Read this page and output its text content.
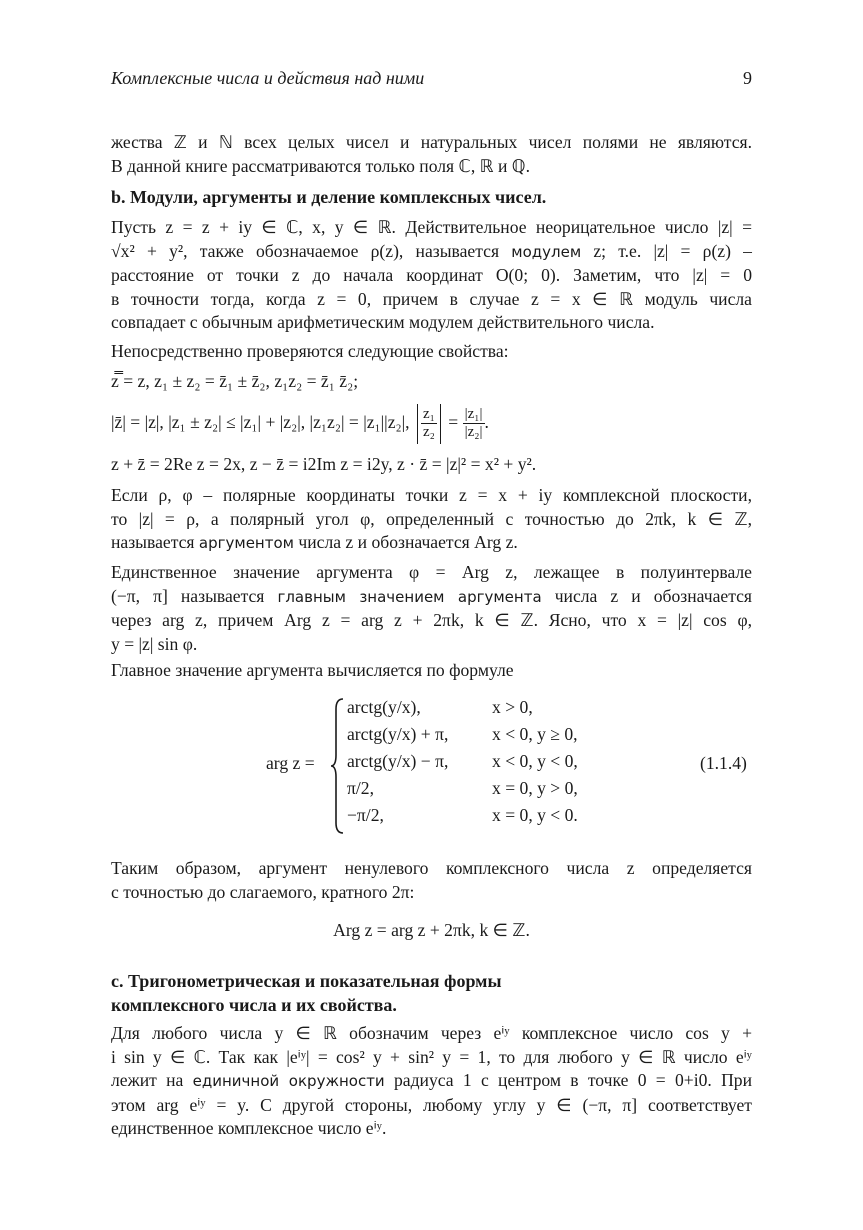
Комплексные числа и действия над ними	9
жества ℤ и ℕ всех целых чисел и натуральных чисел полями не являются.
В данной книге рассматриваются только поля ℂ, ℝ и ℚ.
b. Модули, аргументы и деление комплексных чисел.
Пусть z = z + iy ∈ ℂ, x, y ∈ ℝ. Действительное неорицательное число |z| =
√x² + y², также обозначаемое ρ(z), называется модулем z; т.е. |z| = ρ(z) –
расстояние от точки z до начала координат O(0; 0). Заметим, что |z| = 0
в точности тогда, когда z = 0, причем в случае z = x ∈ ℝ модуль числа
совпадает с обычным арифметическим модулем действительного числа.
Непосредственно проверяются следующие свойства:
z̿ = z, z₁ ± z₂ = z̄₁ ± z̄₂, z₁z₂ = z̄₁ z̄₂;
|z̄| = |z|, |z₁ ± z₂| ≤ |z₁| + |z₂|, |z₁z₂| = |z₁||z₂|, $\frac{\text{z₁}}{\text{z₂}} = \frac{\text{|z₁|}}{\text{|z₂|}}$ .
z + z̄ = 2Re z = 2x, z − z̄ = i2Im z = i2y, z · z̄ = |z|² = x² + y².
Если ρ, φ – полярные координаты точки z = x + iy комплексной плоскости,
то |z| = ρ, а полярный угол φ, определенный с точностью до 2πk, k ∈ ℤ,
называется аргументом числа z и обозначается Arg z.
Единственное значение аргумента φ = Arg z, лежащее в полуинтервале
(−π, π] называется главным значением аргумента числа z и обозначается
через arg z, причем Arg z = arg z + 2πk, k ∈ ℤ. Ясно, что x = |z| cos φ,
y = |z| sin φ.
Главное значение аргумента вычисляется по формуле
arg z =
arctg(y/x),	x > 0,
arctg(y/x) + π, x < 0, y ≥ 0,
arctg(y/x) − π, x < 0, y < 0,
π/2,	x = 0, y > 0,
−π/2,	x = 0, y < 0.
(1.1.4)
Таким образом, аргумент ненулевого комплексного числа z определяется
с точностью до слагаемого, кратного 2π:
Arg z = arg z + 2πk, k ∈ ℤ.
c. Тригонометрическая и показательная формы
комплексного числа и их свойства.
Для любого числа y ∈ ℝ обозначим через eⁱʸ комплексное число cos y +
i sin y ∈ ℂ. Так как |eⁱʸ| = cos² y + sin² y = 1, то для любого y ∈ ℝ число eⁱʸ
лежит на единичной окружности радиуса 1 с центром в точке 0 = 0+i0. При
этом arg eⁱʸ = y. С другой стороны, любому углу y ∈ (−π, π] соответствует
единственное комплексное число eⁱʸ.
